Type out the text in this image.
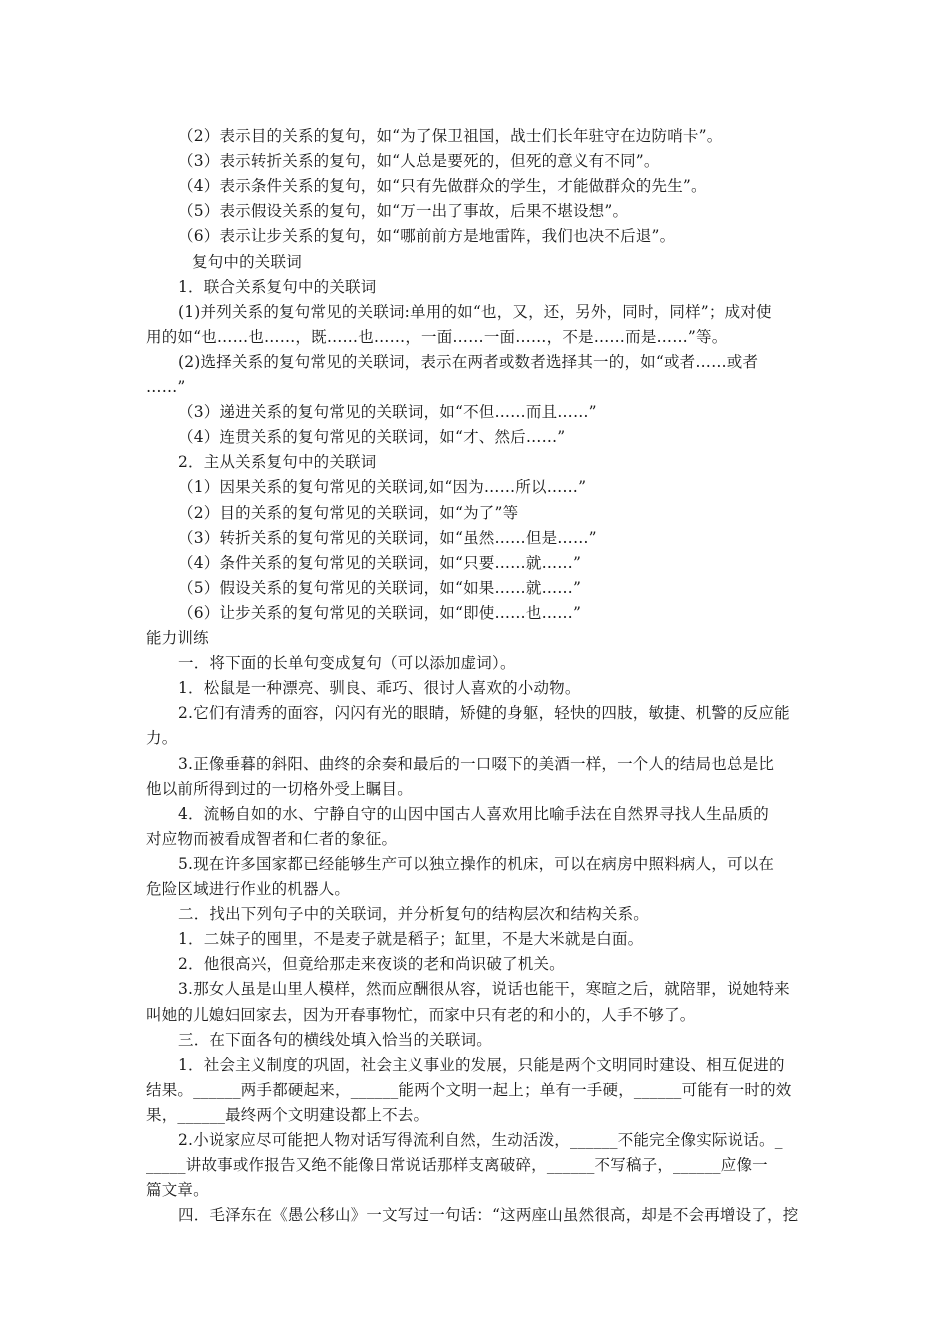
（2）表示目的关系的复句，如“为了保卫祖国，战士们长年驻守在边防哨卡”。
（3）表示转折关系的复句，如“人总是要死的，但死的意义有不同”。
（4）表示条件关系的复句，如“只有先做群众的学生，才能做群众的先生”。
（5）表示假设关系的复句，如“万一出了事故，后果不堪设想”。
（6）表示让步关系的复句，如“哪前前方是地雷阵，我们也决不后退”。
复句中的关联词
1．联合关系复句中的关联词
(1)并列关系的复句常见的关联词:单用的如“也，又，还，另外，同时，同样”；成对使
用的如“也……也……，既……也……，一面……一面……，不是……而是……”等。
(2)选择关系的复句常见的关联词，表示在两者或数者选择其一的，如“或者……或者
……”
（3）递进关系的复句常见的关联词，如“不但……而且……”
（4）连贯关系的复句常见的关联词，如“才、然后……”
2．主从关系复句中的关联词
（1）因果关系的复句常见的关联词,如“因为……所以……”
（2）目的关系的复句常见的关联词，如“为了”等
（3）转折关系的复句常见的关联词，如“虽然……但是……”
（4）条件关系的复句常见的关联词，如“只要……就……”
（5）假设关系的复句常见的关联词，如“如果……就……”
（6）让步关系的复句常见的关联词，如“即使……也……”
能力训练
一．将下面的长单句变成复句（可以添加虚词）。
1．松鼠是一种漂亮、驯良、乖巧、很讨人喜欢的小动物。
2.它们有清秀的面容，闪闪有光的眼睛，矫健的身躯，轻快的四肢，敏捷、机警的反应能
力。
3.正像垂暮的斜阳、曲终的余奏和最后的一口啜下的美酒一样，一个人的结局也总是比
他以前所得到过的一切格外受上瞩目。
4．流畅自如的水、宁静自守的山因中国古人喜欢用比喻手法在自然界寻找人生品质的
对应物而被看成智者和仁者的象征。
5.现在许多国家都已经能够生产可以独立操作的机床，可以在病房中照料病人，可以在
危险区域进行作业的机器人。
二．找出下列句子中的关联词，并分析复句的结构层次和结构关系。
1．二妹子的囤里，不是麦子就是稻子；缸里，不是大米就是白面。
2．他很高兴，但竟给那走来夜谈的老和尚识破了机关。
3.那女人虽是山里人模样，然而应酬很从容，说话也能干，寒暄之后，就陪罪，说她特来
叫她的儿媳妇回家去，因为开春事物忙，而家中只有老的和小的，人手不够了。
三．在下面各句的横线处填入恰当的关联词。
1．社会主义制度的巩固，社会主义事业的发展，只能是两个文明同时建设、相互促进的
结果。______两手都硬起来，______能两个文明一起上；单有一手硬，______可能有一时的效
果，______最终两个文明建设都上不去。
2.小说家应尽可能把人物对话写得流利自然，生动活泼，______不能完全像实际说话。_
_____讲故事或作报告又绝不能像日常说话那样支离破碎，______不写稿子，______应像一
篇文章。
四．毛泽东在《愚公移山》一文写过一句话：“这两座山虽然很高，却是不会再增设了，挖
